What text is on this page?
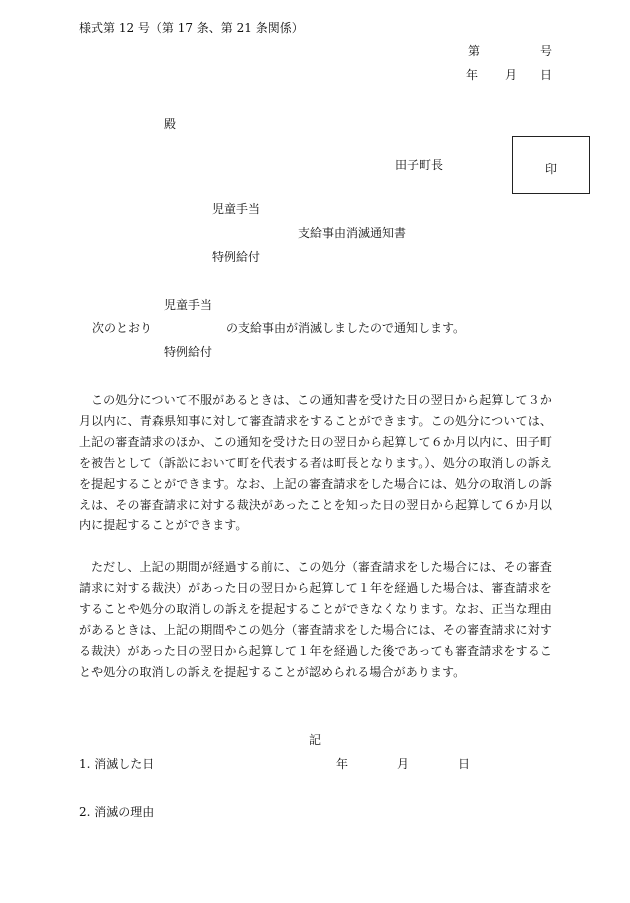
様式第 12 号（第 17 条、第 21 条関係）
第	号
年 月 日
殿
田子町長	印
児童手当
支給事由消滅通知書
特例給付
児童手当
次のとおり	の支給事由が消滅しましたので通知します。
特例給付
この処分について不服があるときは、この通知書を受けた日の翌日から起算して３か月以内に、青森県知事に対して審査請求をすることができます。この処分については、上記の審査請求のほか、この通知を受けた日の翌日から起算して６か月以内に、田子町を被告として（訴訟において町を代表する者は町長となります。）、処分の取消しの訴えを提起することができます。なお、上記の審査請求をした場合には、処分の取消しの訴えは、その審査請求に対する裁決があったことを知った日の翌日から起算して６か月以内に提起することができます。
ただし、上記の期間が経過する前に、この処分（審査請求をした場合には、その審査請求に対する裁決）があった日の翌日から起算して１年を経過した場合は、審査請求をすることや処分の取消しの訴えを提起することができなくなります。なお、正当な理由があるときは、上記の期間やこの処分（審査請求をした場合には、その審査請求に対する裁決）があった日の翌日から起算して１年を経過した後であっても審査請求をすることや処分の取消しの訴えを提起することが認められる場合があります。
記
1. 消滅した日	年	月	日
2. 消滅の理由
